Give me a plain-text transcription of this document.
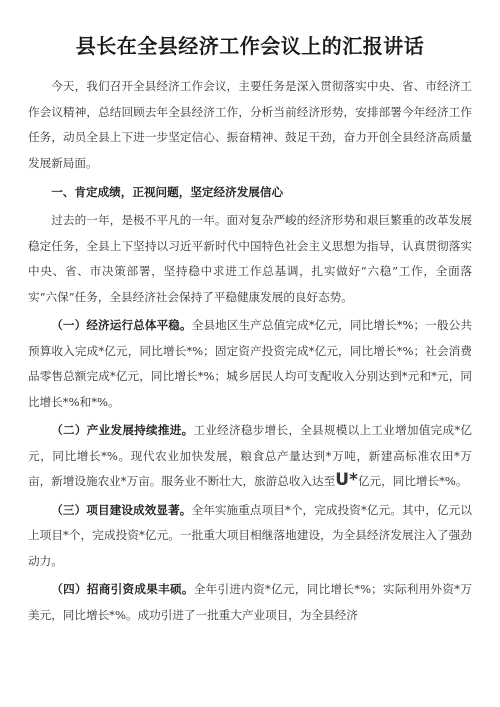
县长在全县经济工作会议上的汇报讲话

今天，我们召开全县经济工作会议，主要任务是深入贯彻落实中央、省、市经济工作会议精神，总结回顾去年全县经济工作，分析当前经济形势，安排部署今年经济工作任务，动员全县上下进一步坚定信心、振奋精神、鼓足干劲，奋力开创全县经济高质量发展新局面。

一、肯定成绩，正视问题，坚定经济发展信心

过去的一年，是极不平凡的一年。面对复杂严峻的经济形势和艰巨繁重的改革发展稳定任务，全县上下坚持以习近平新时代中国特色社会主义思想为指导，认真贯彻落实中央、省、市决策部署，坚持稳中求进工作总基调，扎实做好“六稳”工作，全面落实“六保”任务，全县经济社会保持了平稳健康发展的良好态势。

（一）经济运行总体平稳。全县地区生产总值完成*亿元，同比增长*%；一般公共预算收入完成*亿元，同比增长*%；固定资产投资完成*亿元，同比增长*%；社会消费品零售总额完成*亿元，同比增长*%；城乡居民人均可支配收入分别达到*元和*元，同比增长*%和*%。

（二）产业发展持续推进。工业经济稳步增长，全县规模以上工业增加值完成*亿元，同比增长*%。现代农业加快发展，粮食总产量达到*万吨，新建高标准农田*万亩，新增设施农业*万亩。服务业不断壮大，旅游总收入达至U*亿元，同比增长*%。

（三）项目建设成效显著。全年实施重点项目*个，完成投资*亿元。其中，亿元以上项目*个，完成投资*亿元。一批重大项目相继落地建设，为全县经济发展注入了强劲动力。

（四）招商引资成果丰硕。全年引进内资*亿元，同比增长*%；实际利用外资*万美元，同比增长*%。成功引进了一批重大产业项目，为全县经济
